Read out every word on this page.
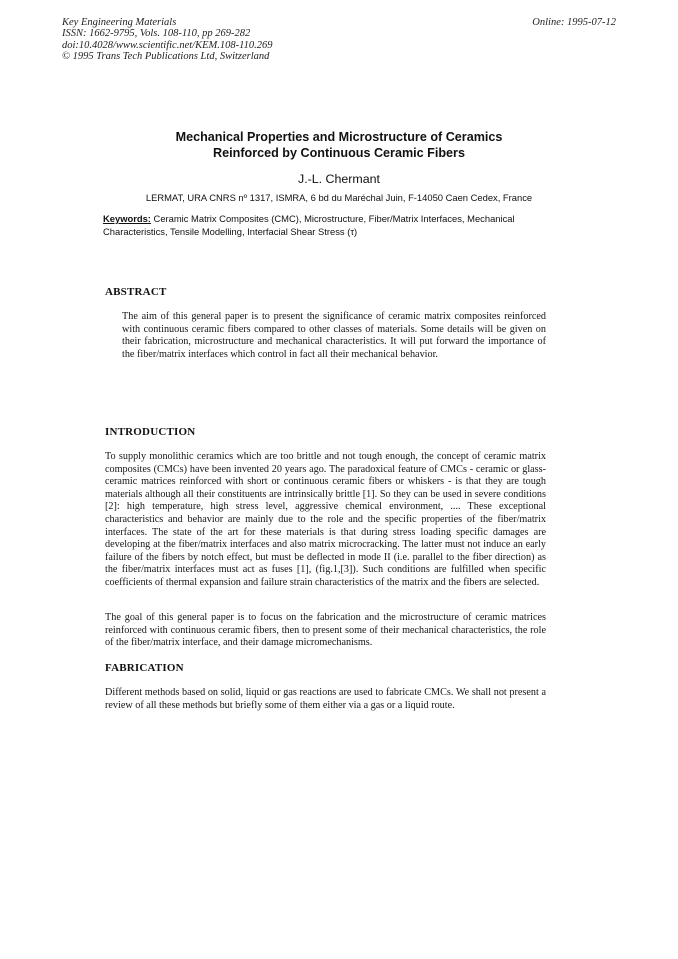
Key Engineering Materials
ISSN: 1662-9795, Vols. 108-110, pp 269-282
doi:10.4028/www.scientific.net/KEM.108-110.269
© 1995 Trans Tech Publications Ltd, Switzerland
Online: 1995-07-12
Mechanical Properties and Microstructure of Ceramics
Reinforced by Continuous Ceramic Fibers
J.-L. Chermant
LERMAT, URA CNRS nº 1317, ISMRA, 6 bd du Maréchal Juin, F-14050 Caen Cedex, France
Keywords: Ceramic Matrix Composites (CMC), Microstructure, Fiber/Matrix Interfaces, Mechanical Characteristics, Tensile Modelling, Interfacial Shear Stress (τ)
ABSTRACT
The aim of this general paper is to present the significance of ceramic matrix composites reinforced with continuous ceramic fibers compared to other classes of materials. Some details will be given on their fabrication, microstructure and mechanical characteristics. It will put forward the importance of the fiber/matrix interfaces which control in fact all their mechanical behavior.
INTRODUCTION
To supply monolithic ceramics which are too brittle and not tough enough, the concept of ceramic matrix composites (CMCs) have been invented 20 years ago. The paradoxical feature of CMCs - ceramic or glass-ceramic matrices reinforced with short or continuous ceramic fibers or whiskers - is that they are tough materials although all their constituents are intrinsically brittle [1]. So they can be used in severe conditions [2]: high temperature, high stress level, aggressive chemical environment, .... These exceptional characteristics and behavior are mainly due to the role and the specific properties of the fiber/matrix interfaces. The state of the art for these materials is that during stress loading specific damages are developing at the fiber/matrix interfaces and also matrix microcracking. The latter must not induce an early failure of the fibers by notch effect, but must be deflected in mode II (i.e. parallel to the fiber direction) as the fiber/matrix interfaces must act as fuses [1], (fig.1,[3]). Such conditions are fulfilled when specific coefficients of thermal expansion and failure strain characteristics of the matrix and the fibers are selected.
The goal of this general paper is to focus on the fabrication and the microstructure of ceramic matrices reinforced with continuous ceramic fibers, then to present some of their mechanical characteristics, the role of the fiber/matrix interface, and their damage micromechanisms.
FABRICATION
Different methods based on solid, liquid or gas reactions are used to fabricate CMCs. We shall not present a review of all these methods but briefly some of them either via a gas or a liquid route.
